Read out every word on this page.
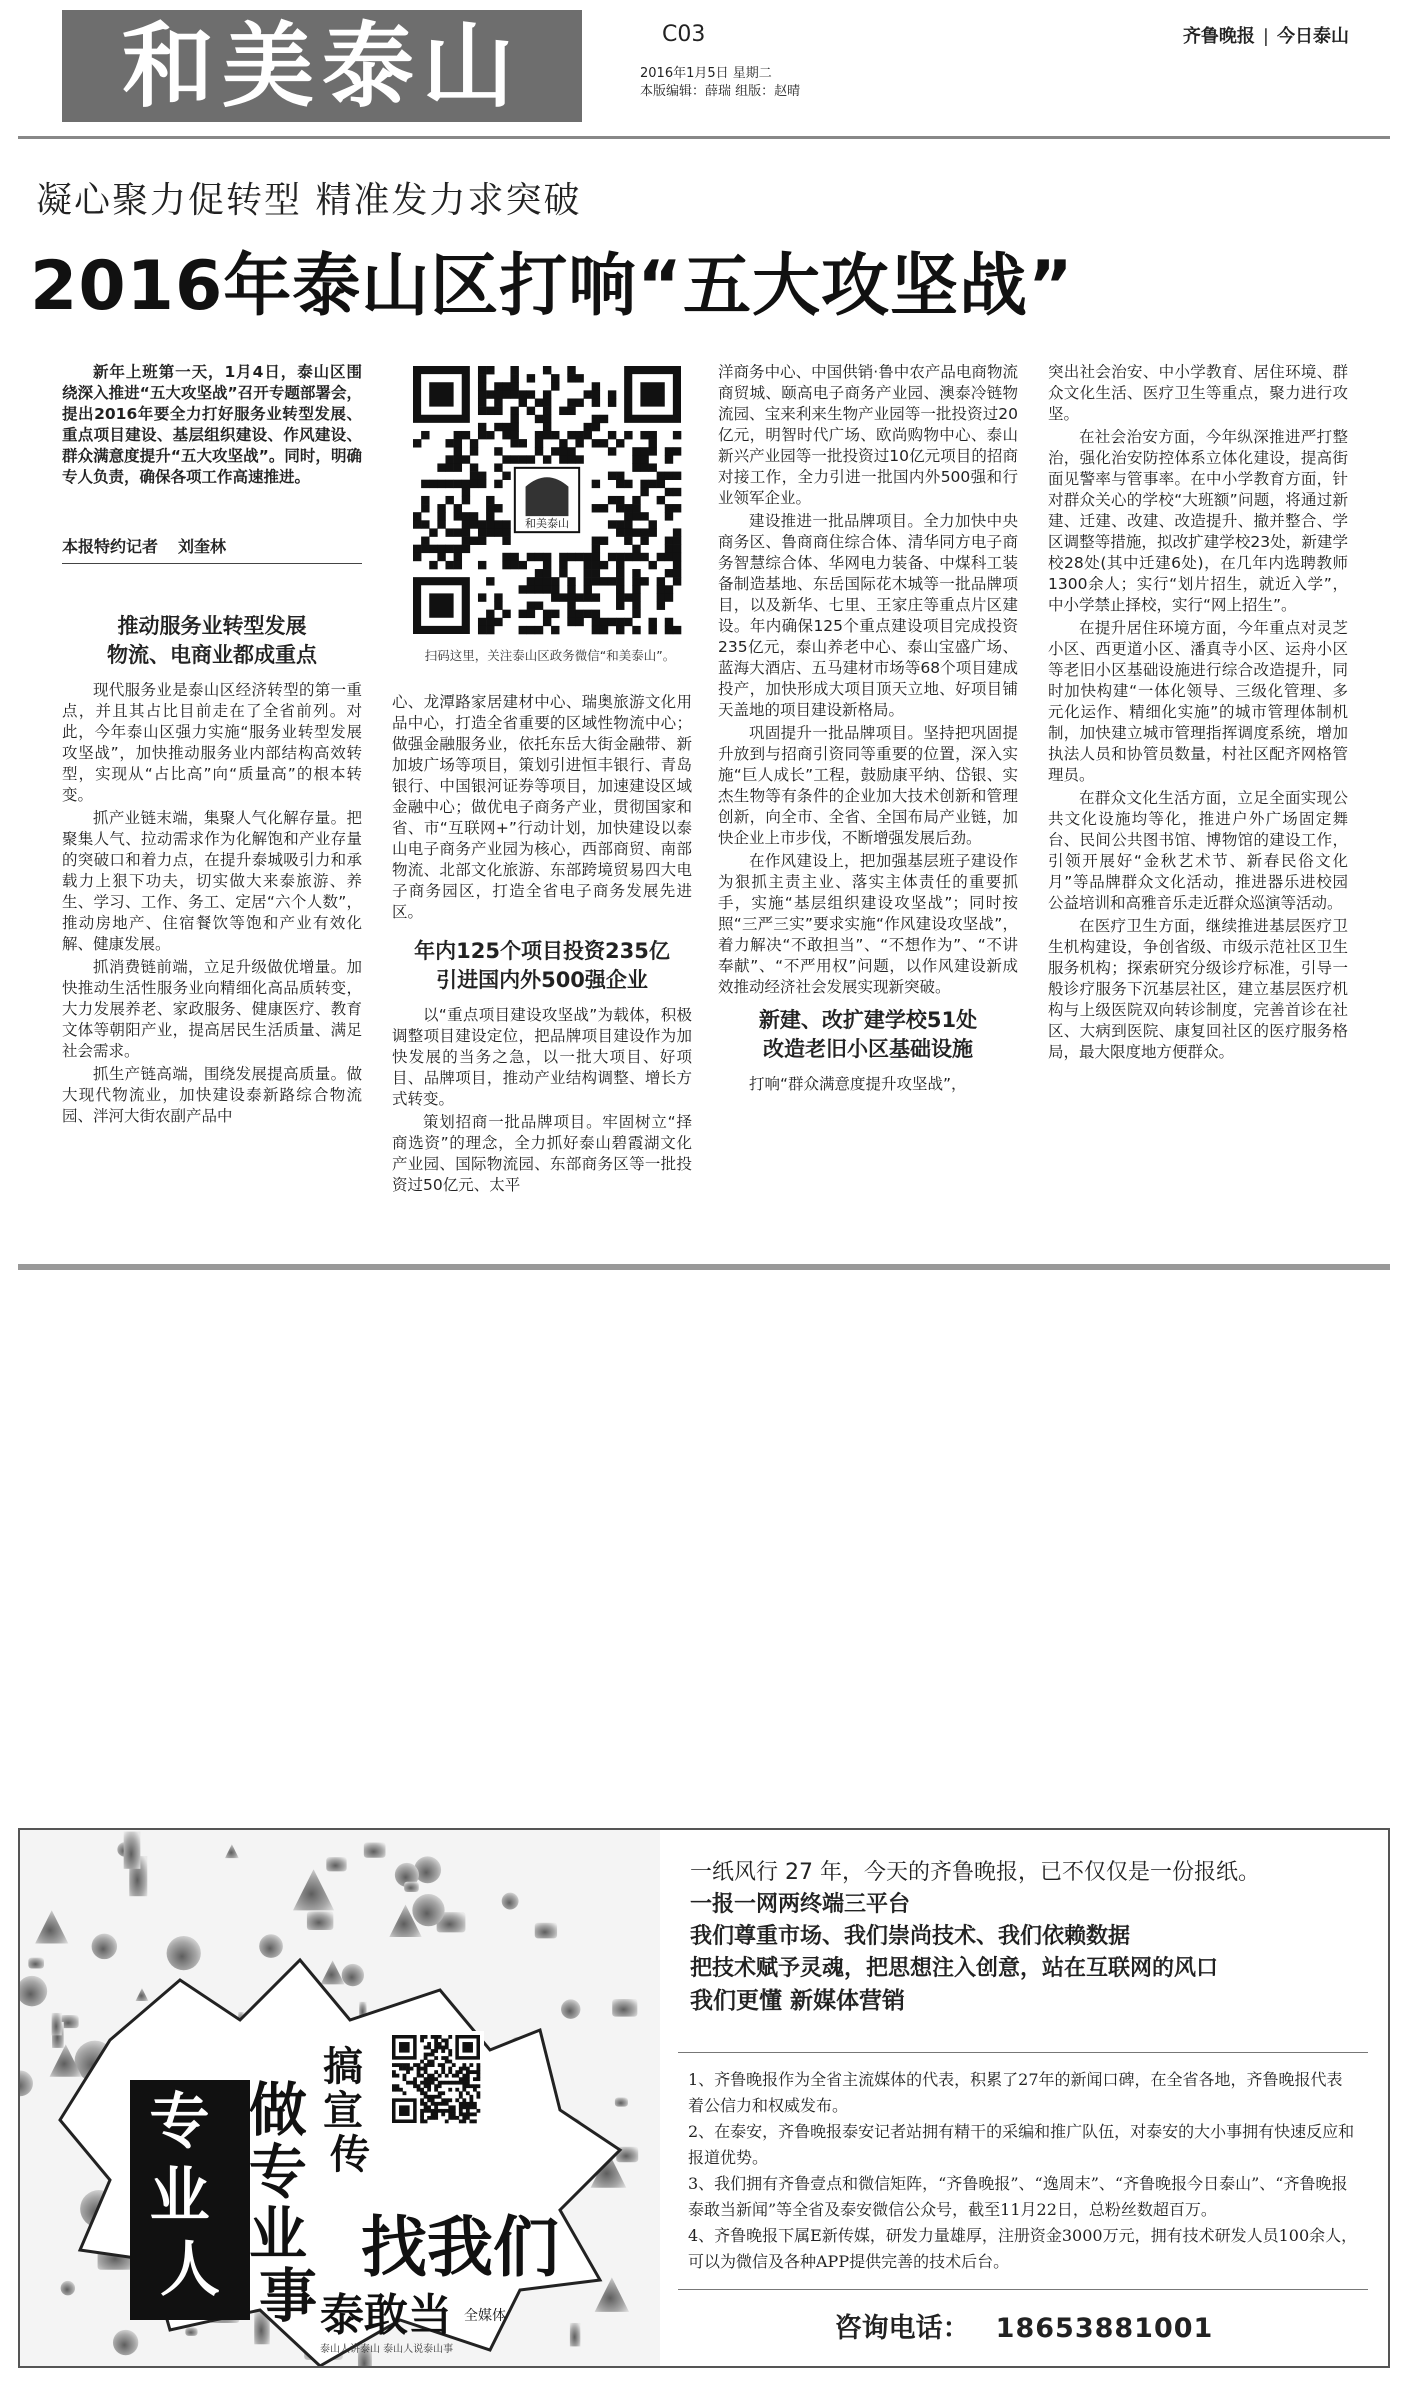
和美泰山	C03
2016年1月5日 星期二
本版编辑：薛瑞 组版：赵晴
齐鲁晚报 | 今日泰山
凝心聚力促转型 精准发力求突破
2016年泰山区打响“五大攻坚战”

新年上班第一天，1月4日，泰山区围绕深入推进“五大攻坚战”召开专题部署会，提出2016年要全力打好服务业转型发展、重点项目建设、基层组织建设、作风建设、群众满意度提升“五大攻坚战”。同时，明确专人负责，确保各项工作高速推进。

本报特约记者 刘奎林
推动服务业转型发展
物流、电商业都成重点

现代服务业是泰山区经济转型的第一重点，并且其占比目前走在了全省前列。对此，今年泰山区强力实施“服务业转型发展攻坚战”，加快推动服务业内部结构高效转型，实现从“占比高”向“质量高”的根本转变。

抓产业链末端，集聚人气化解存量。把聚集人气、拉动需求作为化解饱和产业存量的突破口和着力点，在提升泰城吸引力和承载力上狠下功夫，切实做大来泰旅游、养生、学习、工作、务工、定居“六个人数”，推动房地产、住宿餐饮等饱和产业有效化解、健康发展。

抓消费链前端，立足升级做优增量。加快推动生活性服务业向精细化高品质转变，大力发展养老、家政服务、健康医疗、教育文体等朝阳产业，提高居民生活质量、满足社会需求。

抓生产链高端，围绕发展提高质量。做大现代物流业，加快建设泰新路综合物流园、泮河大街农副产品中

和美泰山
扫码这里，关注泰山区政务微信“和美泰山”。

心、龙潭路家居建材中心、瑞奥旅游文化用品中心，打造全省重要的区域性物流中心；做强金融服务业，依托东岳大街金融带、新加坡广场等项目，策划引进恒丰银行、青岛银行、中国银河证券等项目，加速建设区域金融中心；做优电子商务产业，贯彻国家和省、市“互联网+”行动计划，加快建设以泰山电子商务产业园为核心，西部商贸、南部物流、北部文化旅游、东部跨境贸易四大电子商务园区，打造全省电子商务发展先进区。

年内125个项目投资235亿
引进国内外500强企业

以“重点项目建设攻坚战”为载体，积极调整项目建设定位，把品牌项目建设作为加快发展的当务之急，以一批大项目、好项目、品牌项目，推动产业结构调整、增长方式转变。

策划招商一批品牌项目。牢固树立“择商选资”的理念，全力抓好泰山碧霞湖文化产业园、国际物流园、东部商务区等一批投资过50亿元、太平

洋商务中心、中国供销·鲁中农产品电商物流商贸城、颐高电子商务产业园、澳泰冷链物流园、宝来利来生物产业园等一批投资过20亿元，明智时代广场、欧尚购物中心、泰山新兴产业园等一批投资过10亿元项目的招商对接工作，全力引进一批国内外500强和行业领军企业。

建设推进一批品牌项目。全力加快中央商务区、鲁商商住综合体、清华同方电子商务智慧综合体、华网电力装备、中煤科工装备制造基地、东岳国际花木城等一批品牌项目，以及新华、七里、王家庄等重点片区建设。年内确保125个重点建设项目完成投资235亿元，泰山养老中心、泰山宝盛广场、蓝海大酒店、五马建材市场等68个项目建成投产，加快形成大项目顶天立地、好项目铺天盖地的项目建设新格局。

巩固提升一批品牌项目。坚持把巩固提升放到与招商引资同等重要的位置，深入实施“巨人成长”工程，鼓励康平纳、岱银、实杰生物等有条件的企业加大技术创新和管理创新，向全市、全省、全国布局产业链，加快企业上市步伐，不断增强发展后劲。

在作风建设上，把加强基层班子建设作为狠抓主责主业、落实主体责任的重要抓手，实施“基层组织建设攻坚战”；同时按照“三严三实”要求实施“作风建设攻坚战”，着力解决“不敢担当”、“不想作为”、“不讲奉献”、“不严用权”问题，以作风建设新成效推动经济社会发展实现新突破。

新建、改扩建学校51处
改造老旧小区基础设施

打响“群众满意度提升攻坚战”，

突出社会治安、中小学教育、居住环境、群众文化生活、医疗卫生等重点，聚力进行攻坚。

在社会治安方面，今年纵深推进严打整治，强化治安防控体系立体化建设，提高街面见警率与管事率。在中小学教育方面，针对群众关心的学校“大班额”问题，将通过新建、迁建、改建、改造提升、撤并整合、学区调整等措施，拟改扩建学校23处，新建学校28处(其中迁建6处)，在几年内选聘教师1300余人；实行“划片招生，就近入学”，中小学禁止择校，实行“网上招生”。

在提升居住环境方面，今年重点对灵芝小区、西更道小区、潘真寺小区、运舟小区等老旧小区基础设施进行综合改造提升，同时加快构建“一体化领导、三级化管理、多元化运作、精细化实施”的城市管理体制机制，加快建立城市管理指挥调度系统，增加执法人员和协管员数量，村社区配齐网格管理员。

在群众文化生活方面，立足全面实现公共文化设施均等化，推进户外广场固定舞台、民间公共图书馆、博物馆的建设工作，引领开展好“金秋艺术节、新春民俗文化月”等品牌群众文化活动，推进器乐进校园公益培训和高雅音乐走近群众巡演等活动。

在医疗卫生方面，继续推进基层医疗卫生机构建设，争创省级、市级示范社区卫生服务机构；探索研究分级诊疗标准，引导一般诊疗服务下沉基层社区，建立基层医疗机构与上级医院双向转诊制度，完善首诊在社区、大病到医院、康复回社区的医疗服务格局，最大限度地方便群众。

专 业 人
做 专 业 事
搞 宣 传
找我们
泰敢当 全媒体
泰山人讲泰山 泰山人说泰山事
一纸风行 27 年，今天的齐鲁晚报，已不仅仅是一份报纸。
一报一网两终端三平台
我们尊重市场、我们崇尚技术、我们依赖数据
把技术赋予灵魂，把思想注入创意，站在互联网的风口
我们更懂 新媒体营销
1、齐鲁晚报作为全省主流媒体的代表，积累了27年的新闻口碑，在全省各地，齐鲁晚报代表着公信力和权威发布。
2、在泰安，齐鲁晚报泰安记者站拥有精干的采编和推广队伍，对泰安的大小事拥有快速反应和报道优势。
3、我们拥有齐鲁壹点和微信矩阵，“齐鲁晚报”、“逸周末”、“齐鲁晚报今日泰山”、“齐鲁晚报泰敢当新闻”等全省及泰安微信公众号，截至11月22日，总粉丝数超百万。
4、齐鲁晚报下属E新传媒，研发力量雄厚，注册资金3000万元，拥有技术研发人员100余人，可以为微信及各种APP提供完善的技术后台。
咨询电话： 18653881001
